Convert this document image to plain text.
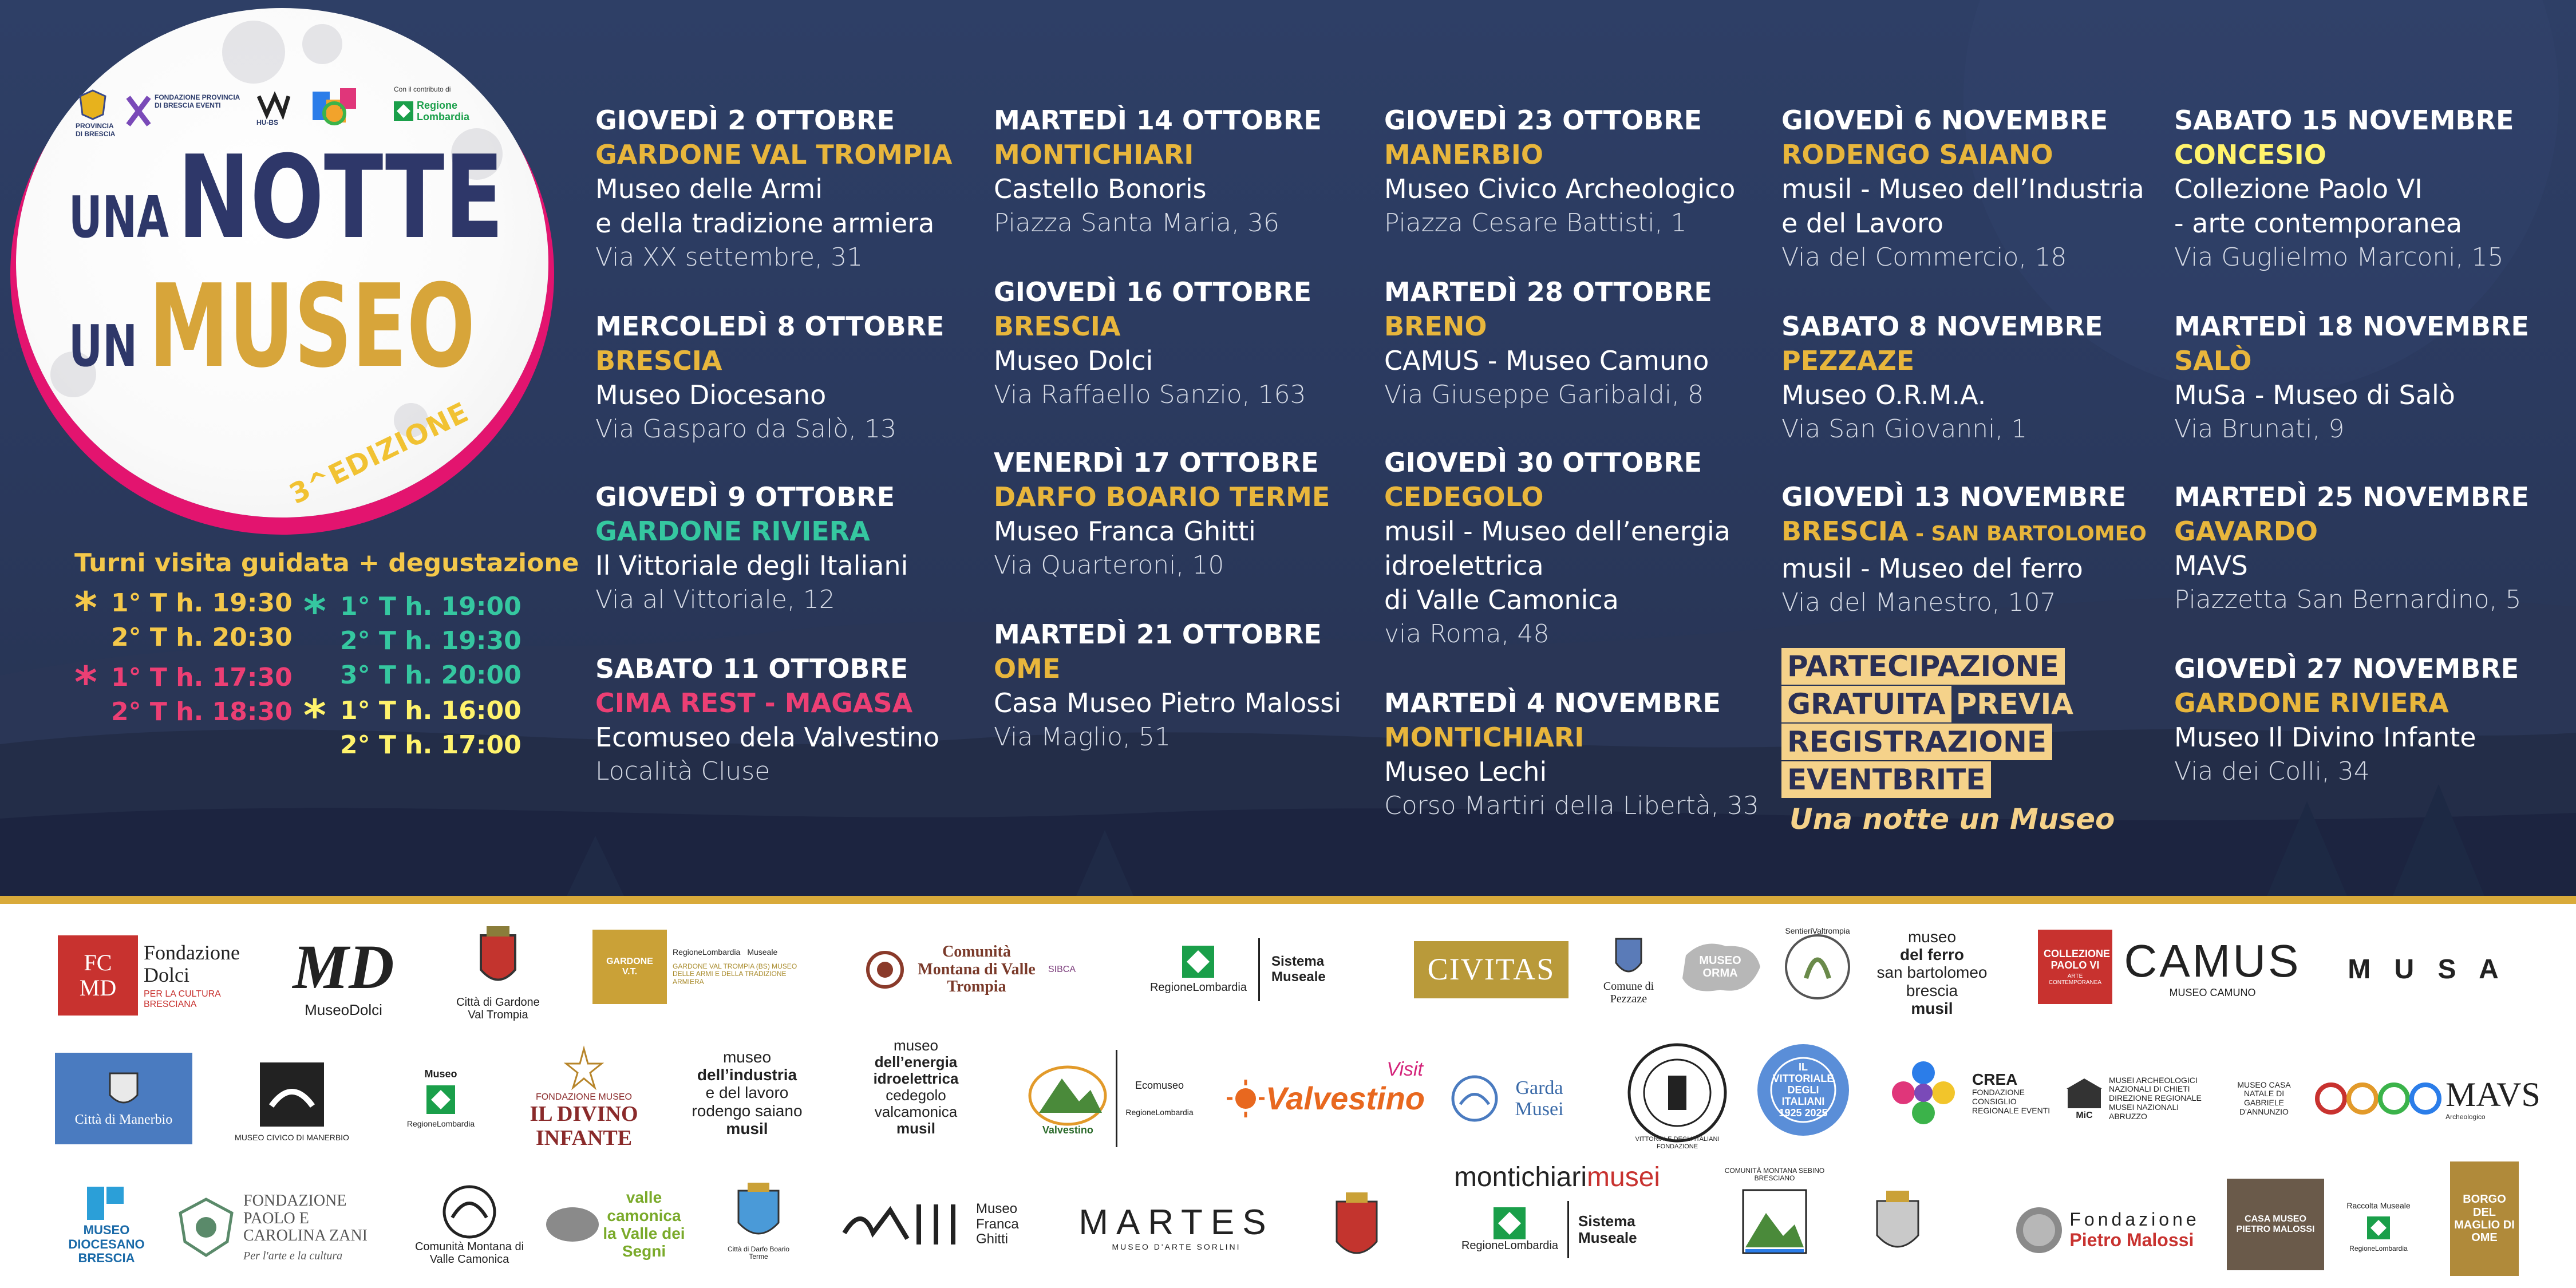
PROVINCIA DI BRESCIA
FONDAZIONE PROVINCIA DI BRESCIA EVENTI
HU-BS
Con il contributo di
Regione Lombardia
UNA NOTTE
UN MUSEO
3^EDIZIONE
Turni visita guidata + degustazione
* 1° T h. 19:30
2° T h. 20:30
* 1° T h. 17:30
2° T h. 18:30
* 1° T h. 19:00
2° T h. 19:30
3° T h. 20:00
* 1° T h. 16:00
2° T h. 17:00
GIOVEDÌ 2 OTTOBRE
GARDONE VAL TROMPIA
Museo delle Armi
e della tradizione armiera
Via XX settembre, 31
MERCOLEDÌ 8 OTTOBRE
BRESCIA
Museo Diocesano
Via Gasparo da Salò, 13
GIOVEDÌ 9 OTTOBRE
GARDONE RIVIERA
Il Vittoriale degli Italiani
Via al Vittoriale, 12
SABATO 11 OTTOBRE
CIMA REST - MAGASA
Ecomuseo dela Valvestino
Località Cluse
MARTEDÌ 14 OTTOBRE
MONTICHIARI
Castello Bonoris
Piazza Santa Maria, 36
GIOVEDÌ 16 OTTOBRE
BRESCIA
Museo Dolci
Via Raffaello Sanzio, 163
VENERDÌ 17 OTTOBRE
DARFO BOARIO TERME
Museo Franca Ghitti
Via Quarteroni, 10
MARTEDÌ 21 OTTOBRE
OME
Casa Museo Pietro Malossi
Via Maglio, 51
GIOVEDÌ 23 OTTOBRE
MANERBIO
Museo Civico Archeologico
Piazza Cesare Battisti, 1
MARTEDÌ 28 OTTOBRE
BRENO
CAMUS - Museo Camuno
Via Giuseppe Garibaldi, 8
GIOVEDÌ 30 OTTOBRE
CEDEGOLO
musil - Museo dell’energia
idroelettrica
di Valle Camonica
via Roma, 48
MARTEDÌ 4 NOVEMBRE
MONTICHIARI
Museo Lechi
Corso Martiri della Libertà, 33
GIOVEDÌ 6 NOVEMBRE
RODENGO SAIANO
musil - Museo dell’Industria
e del Lavoro
Via del Commercio, 18
SABATO 8 NOVEMBRE
PEZZAZE
Museo O.R.M.A.
Via San Giovanni, 1
GIOVEDÌ 13 NOVEMBRE
BRESCIA - SAN BARTOLOMEO
musil - Museo del ferro
Via del Manestro, 107
PARTECIPAZIONE
GRATUITA PREVIA
REGISTRAZIONE
EVENTBRITE
Una notte un Museo
SABATO 15 NOVEMBRE
CONCESIO
Collezione Paolo VI
- arte contemporanea
Via Guglielmo Marconi, 15
MARTEDÌ 18 NOVEMBRE
SALÒ
MuSa - Museo di Salò
Via Brunati, 9
MARTEDÌ 25 NOVEMBRE
GAVARDO
MAVS
Piazzetta San Bernardino, 5
GIOVEDÌ 27 NOVEMBRE
GARDONE RIVIERA
Museo Il Divino Infante
Via dei Colli, 34
FC MD
Fondazione Dolci
PER LA CULTURA BRESCIANA
MD
MuseoDolci	Città di Gardone Val Trompia
GARDONE V.T.
RegioneLombardia Museale
GARDONE VAL TROMPIA (BS) MUSEO DELLE ARMI E DELLA TRADIZIONE ARMIERA
Comunità Montana di Valle Trompia
SIBCA
RegioneLombardia
Sistema Museale	CIVITAS	Comune di Pezzaze
MUSEO ORMA
SentieriValtrompia	museo
del ferro
san bartolomeo
brescia
musil
COLLEZIONE PAOLO VI
ARTE CONTEMPORANEA CAMUS
MUSEO CAMUNO
M U S A
Città di Manerbio
MUSEO CIVICO DI MANERBIO
Museo
RegioneLombardia
FONDAZIONE MUSEO
IL DIVINO INFANTE
museo
dell’industria
e del lavoro
rodengo saiano
musil
museo
dell’energia
idroelettrica
cedegolo
valcamonica
musil	Valvestino
Ecomuseo
RegioneLombardia Valvestino
Visit
Garda Musei
VITTORIALE DEGLI ITALIANI FONDAZIONE
IL VITTORIALE DEGLI ITALIANI 1925 2025
CREA
FONDAZIONE CONSIGLIO REGIONALE EVENTI
MiC
MUSEI ARCHEOLOGICI NAZIONALI DI CHIETI DIREZIONE REGIONALE MUSEI NAZIONALI ABRUZZO
MUSEO CASA NATALE DI GABRIELE D'ANNUNZIO	MAVS
Archeologico
MUSEO DIOCESANO BRESCIA
FONDAZIONE PAOLO E CAROLINA ZANI
Per l'arte e la cultura
Comunità Montana di Valle Camonica
valle camonica la Valle dei Segni	Città di Darfo Boario Terme
Museo Franca Ghitti	MARTES
MUSEO D'ARTE SORLINI
montichiarimusei
RegioneLombardia
Sistema Museale
COMUNITÀ MONTANA SEBINO BRESCIANO
Fondazione
Pietro Malossi
CASA MUSEO PIETRO MALOSSI
Raccolta Museale
RegioneLombardia
BORGO DEL MAGLIO DI OME
